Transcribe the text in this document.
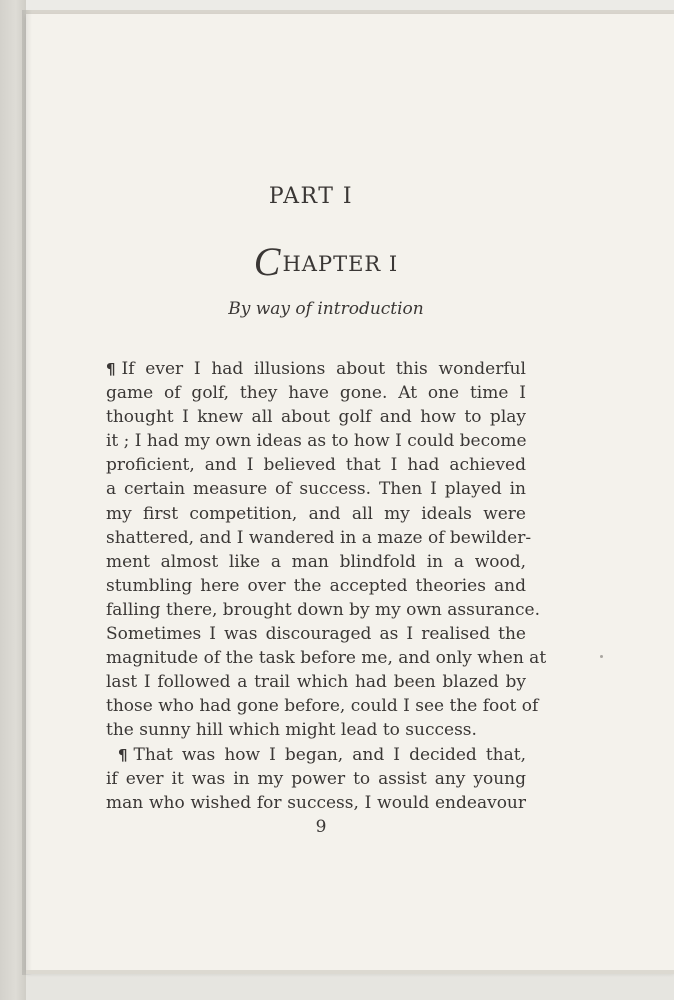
PART I
CHAPTER I
By way of introduction
¶ If ever I had illusions about this wonderful
game of golf, they have gone. At one time I
thought I knew all about golf and how to play
it ; I had my own ideas as to how I could become
proficient, and I believed that I had achieved
a certain measure of success. Then I played in
my first competition, and all my ideals were
shattered, and I wandered in a maze of bewilder-
ment almost like a man blindfold in a wood,
stumbling here over the accepted theories and
falling there, brought down by my own assurance.
Sometimes I was discouraged as I realised the
magnitude of the task before me, and only when at
last I followed a trail which had been blazed by
those who had gone before, could I see the foot of
the sunny hill which might lead to success.
¶ That was how I began, and I decided that,
if ever it was in my power to assist any young
man who wished for success, I would endeavour
9
